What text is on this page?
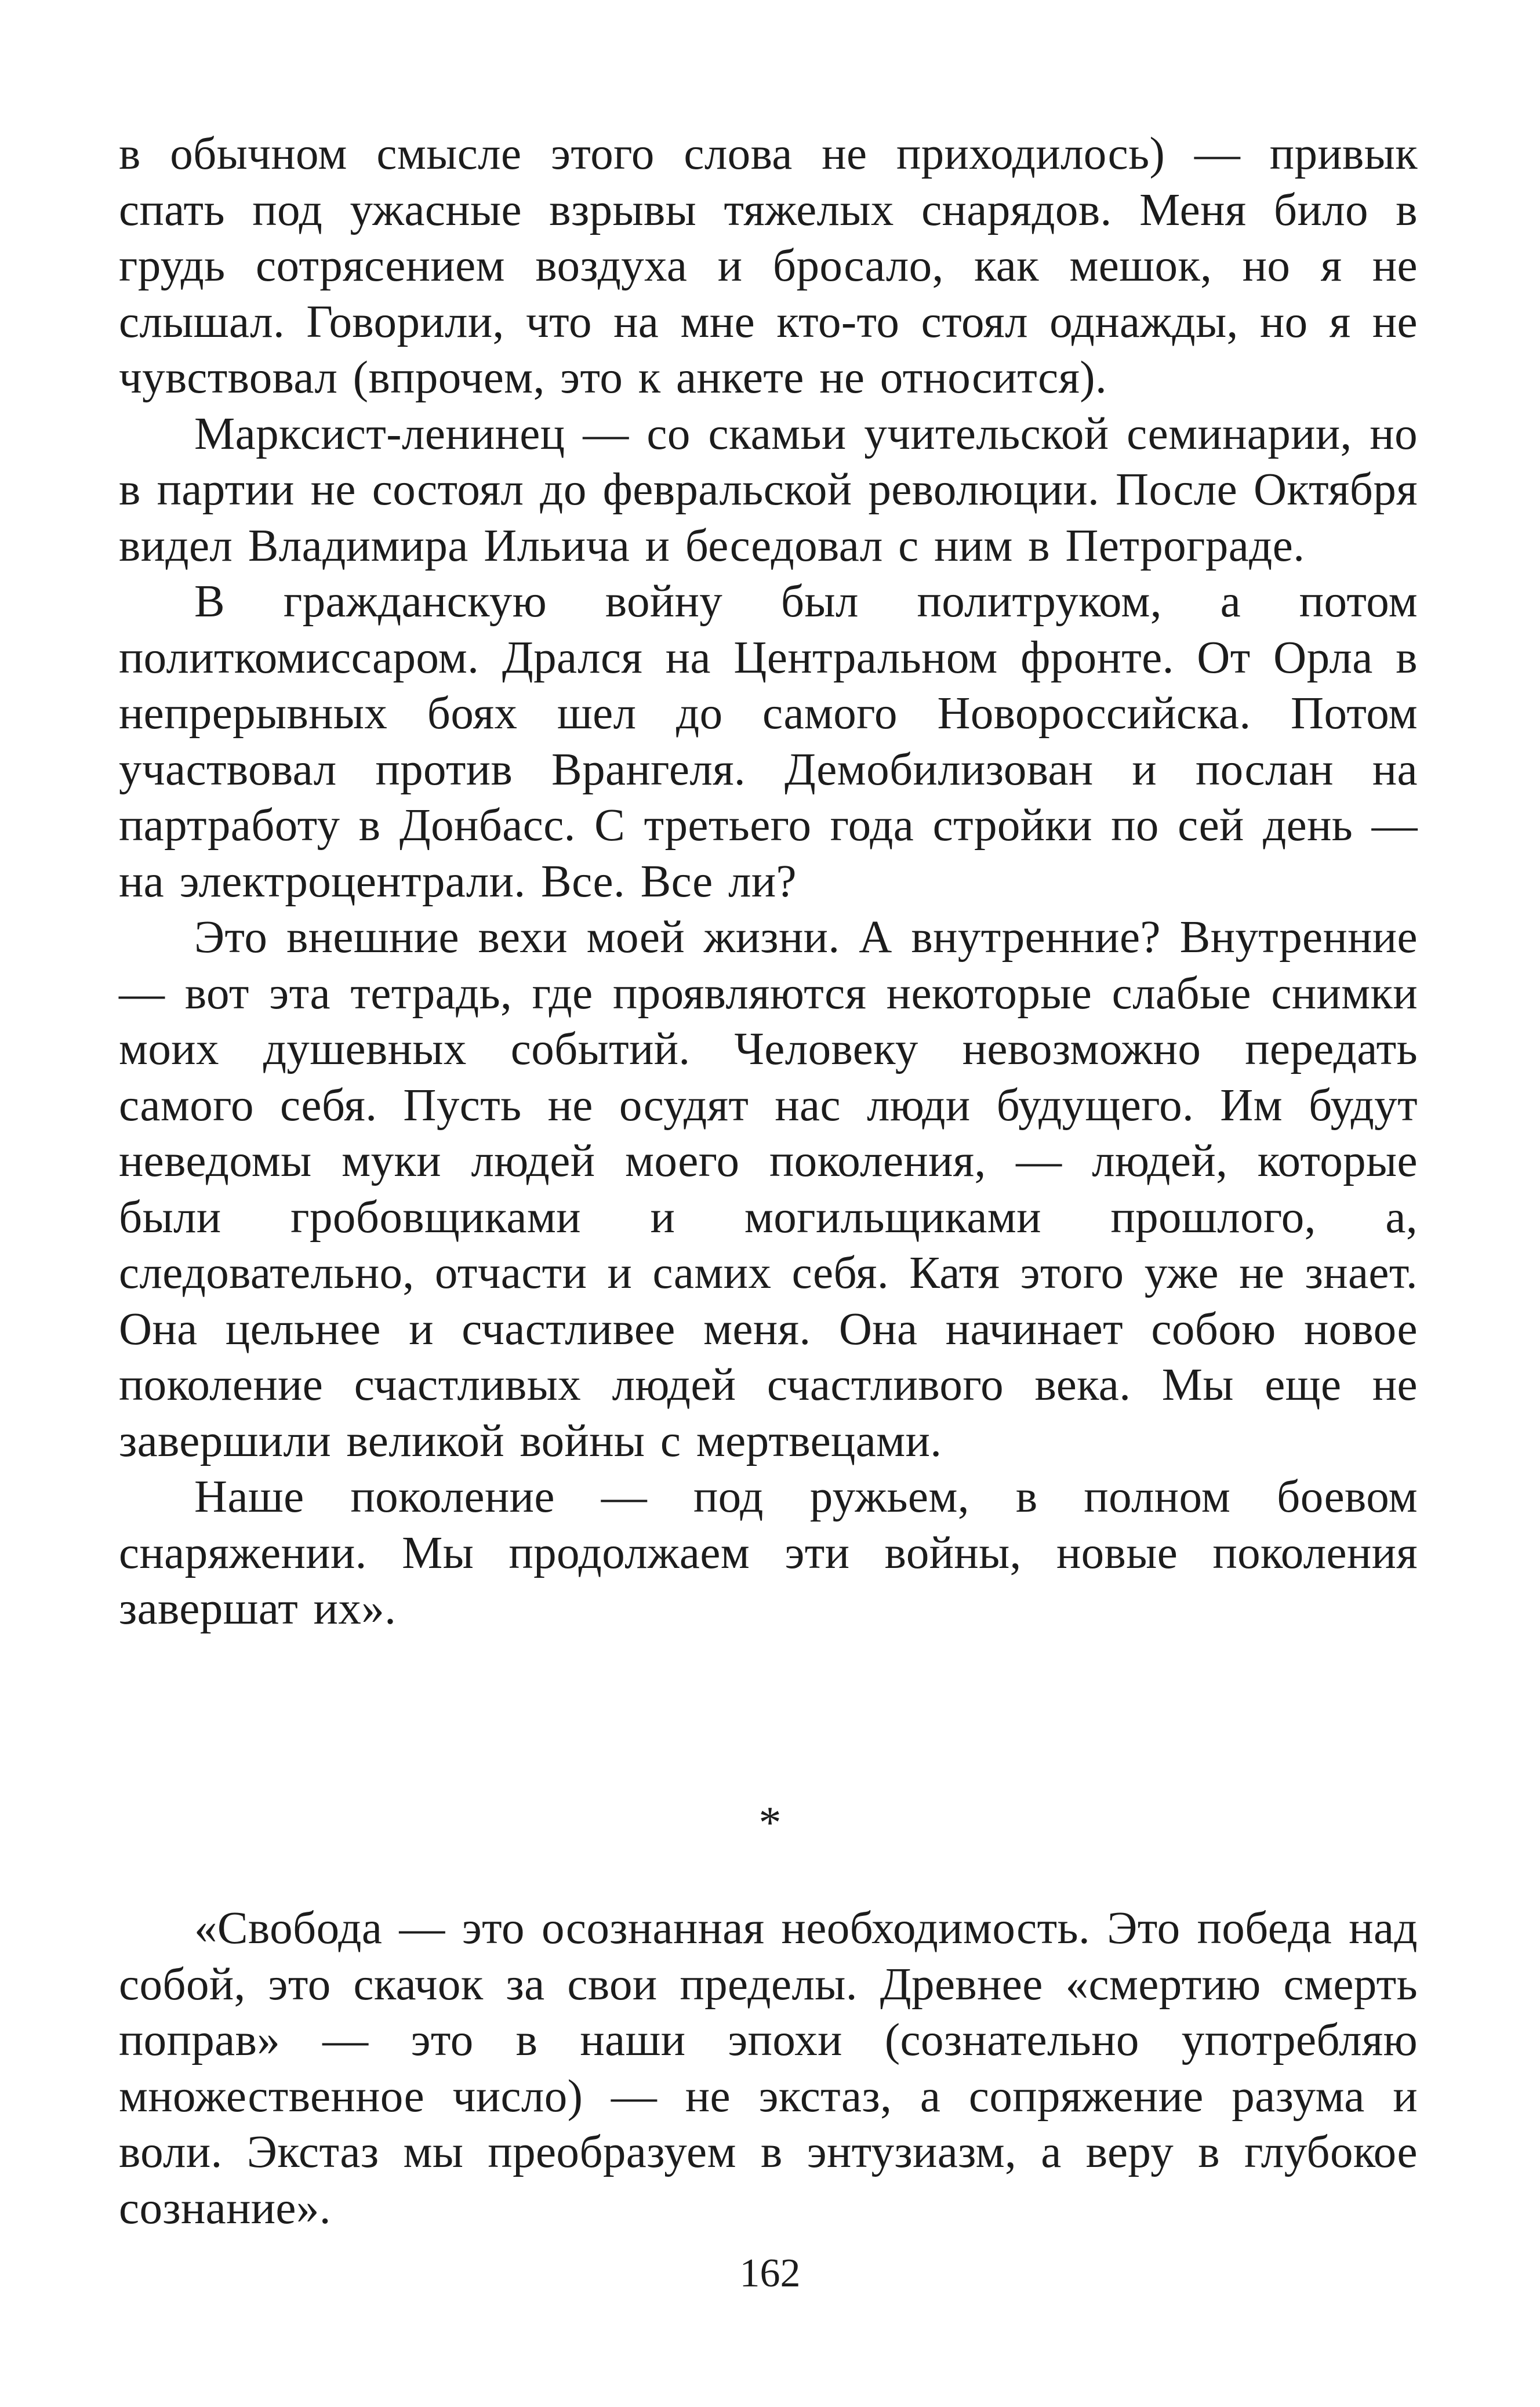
в обычном смысле этого слова не приходилось) — привык спать под ужасные взрывы тяжелых снарядов. Меня било в грудь сотрясением воздуха и бросало, как мешок, но я не слышал. Говорили, что на мне кто-то стоял однажды, но я не чувствовал (впрочем, это к анкете не относится).

Марксист-ленинец — со скамьи учительской семинарии, но в партии не состоял до февральской революции. После Октября видел Владимира Ильича и беседовал с ним в Петрограде.

В гражданскую войну был политруком, а потом политкомиссаром. Дрался на Центральном фронте. От Орла в непрерывных боях шел до самого Новороссийска. Потом участвовал против Врангеля. Демобилизован и послан на партработу в Донбасс. С третьего года стройки по сей день — на электроцентрали. Все. Все ли?

Это внешние вехи моей жизни. А внутренние? Внутренние — вот эта тетрадь, где проявляются некоторые слабые снимки моих душевных событий. Человеку невозможно передать самого себя. Пусть не осудят нас люди будущего. Им будут неведомы муки людей моего поколения, — людей, которые были гробовщиками и могильщиками прошлого, а, следовательно, отчасти и самих себя. Катя этого уже не знает. Она цельнее и счастливее меня. Она начинает собою новое поколение счастливых людей счастливого века. Мы еще не завершили великой войны с мертвецами.

Наше поколение — под ружьем, в полном боевом снаряжении. Мы продолжаем эти войны, новые поколения завершат их».

*

«Свобода — это осознанная необходимость. Это победа над собой, это скачок за свои пределы. Древнее «смертию смерть поправ» — это в наши эпохи (сознательно употребляю множественное число) — не экстаз, а сопряжение разума и воли. Экстаз мы преобразуем в энтузиазм, а веру в глубокое сознание».

162
